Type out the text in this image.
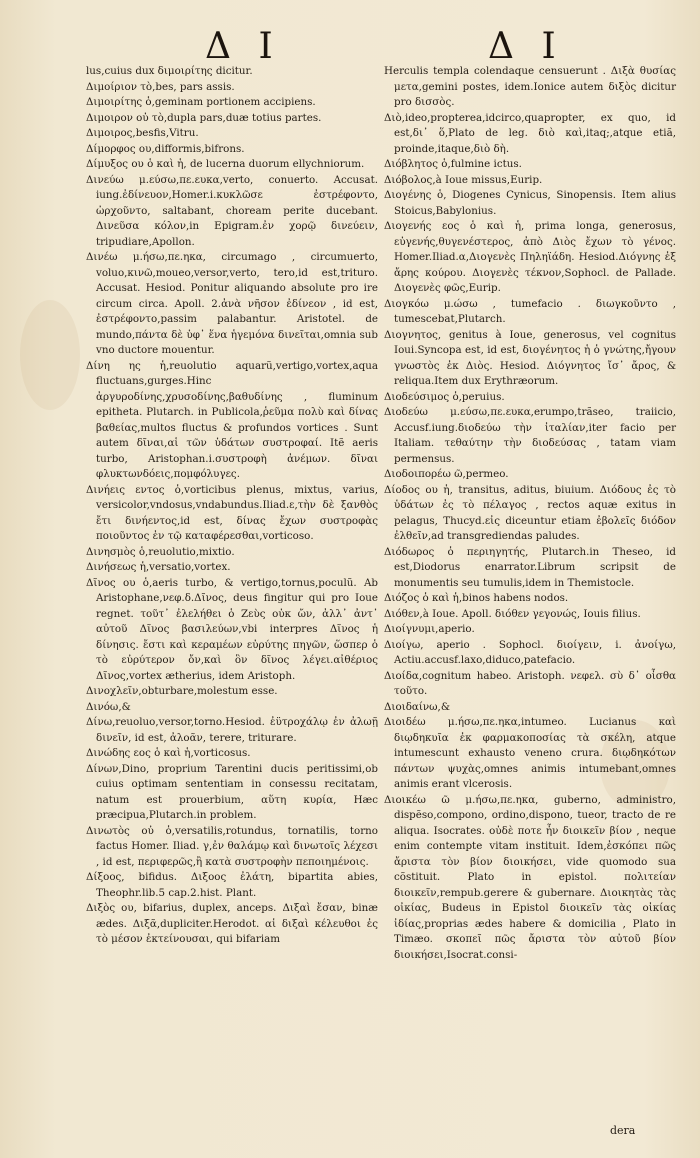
Δ Ι	Δ Ι

lus,cuius dux διμοιρίτης dicitur.

Διμοίριον τὸ,bes, pars assis.

Διμοιρίτης ὁ,geminam portionem accipiens.

Διμοιρον οὐ τὸ,dupla pars,duæ totius partes.

Διμοιρος,besfis,Vitru.

Δίμορφος ου,difformis,bifrons.

Δίμυξος ου ὁ καὶ ἡ, de lucerna duorum ellychniorum.

Δινεύω μ.εύσω,πε.ευκα,verto, conuerto. Accusat. iung.ἐδίνευον,Homer.i.κυκλῶσε ἐστρέφοντο, ὠρχοῦντο, saltabant, choream perite ducebant. Δινεῦσα κόλον,in Epigram.ἐν χορῷ δινεύειν, tripudiare,Apollon.

Δινέω μ.ήσω,πε.ηκα, circumago , circumuerto, voluo,κινῶ,moueo,versor,verto, tero,id est,triturο. Accusat. Hesiod. Ponitur aliquando absolute pro ire circum circa. Apoll. 2.ἀνὰ νῆσον ἐδίνεον , id est, ἐστρέφοντο,passim palabantur. Aristotel. de mundo,πάντα δὲ ὑφ᾽ ἕνα ἡγεμόνα δινεῖται,omnia sub vno ductore mouentur.

Δίνη ης ἡ,reuolutio aquarũ,vertigo,vortex,aqua fluctuans,gurges.Hinc ἀργυροδίνης,χρυσοδίνης,βαθυδίνης , fluminum epitheta. Plutarch. in Publicola,ῥεῦμα πολὺ καὶ δίνας βαθείας,multos fluctus & profundos vortices . Sunt autem δῖναι,αἱ τῶν ὑδάτων συστροφαί. Itẽ aeris turbo, Aristophan.i.συστροφὴ ἀνέμων. δῖναι φλυκτωνδόεις,πομφόλυγες.

Δινήεις εντος ὁ,vorticibus plenus, mixtus, varius, versicolor,vndosus,vndabundus.Iliad.ε,τὴν δὲ ξανθὸς ἔτι δινήεντος,id est, δίνας ἔχων συστροφὰς ποιοῦντος ἐν τῷ καταφέρεσθαι,vorticosο.

Δινησμὸς ὁ,reuolutio,mixtio.

Δινήσεως ἡ,versatio,vortex.

Δῖνος ου ὁ,aeris turbo, & vertigo,tornus,poculũ. Ab Aristophane,νεφ.δ.Δῖνος, deus fingitur qui pro Ioue regnet. τοῦτ᾽ ἐλελήθει ὁ Ζεὺς οὐκ ὤν, ἀλλ᾽ ἀντ᾽ αὐτοῦ Δῖνος βασιλεύων,vbi interpres Δῖνος ἡ δίνησις. ἔστι καὶ κεραμέων εὐρύτης πηγῶν, ὥσπερ ὁ τὸ εὐρύτερον ὄν,καὶ ὃν δῖνος λέγει.αἰθέριος Δῖνος,vortex ætherius, idem Aristoph.

Δινοχλεῖν,obturbare,molestum esse.

Δινόω,&

Δίνω,reuoluo,versor,torno.Hesiod. ἐϋτροχάλῳ ἐν ἀλωῇ δινεῖν, id est, ἀλοᾶν, terere, triturare.

Δινώδης εος ὁ καὶ ἡ,vorticosus.

Δίνων,Dino, proprium Tarentini ducis peritissimi,ob cuius optimam sententiam in consessu recitatam, natum est prouerbium, αὕτη κυρία, Hæc præcipua,Plutarch.in problem.

Δινωτὸς οὐ ὁ,versatilis,rotundus, tornatilis, torno factus Homer. Iliad. γ,ἐν θαλάμῳ καὶ δινωτοῖς λέχεσι , id est, περιφερῶς,ἢ κατὰ συστροφὴν πεποιημένοις.

Δίξοος, bifidus. Διξοος ἐλάτη, bipartita abies, Theophr.lib.5 cap.2.hist. Plant.

Διξὸς ου, bifarius, duplex, anceps. Διξαὶ ἔσαν, binæ ædes. Διξᾶ,dupliciter.Herodot. αἱ διξαὶ κέλευθοι ἐς τὸ μέσον ἐκτείνουσαι, qui bifariam

Herculis templa colendaque censuerunt . Διξὰ θυσίας μετα,gemini postes, idem.Ionice autem διξὸς dicitur pro δισσὸς.

Διὸ,ideo,propterea,idcirco,quapropter, ex quo, id est,δι᾽ ὅ,Plato de leg. διὸ καὶ,itaq;,atque etiã, proinde,itaque,διὸ δὴ.

Διόβλητος ὁ,fulmine ictus.

Διόβολος,à Ioue missus,Eurip.

Διογένης ὁ, Diogenes Cynicus, Sinopensis. Item alius Stoicus,Babylonius.

Διογενής εος ὁ καὶ ἡ, prima longa, generosus, εὐγενής,θυγενέστερος, ἀπὸ Διὸς ἔχων τὸ γένος. Homer.Iliad.α,Διογενὲς Πηληϊάδη. Hesiod.Διόγνης ἐξ ἄρης κούρου. Διογενὲς τέκνον,Sophocl. de Pallade. Διογενὲς φῶς,Eurip.

Διογκόω μ.ώσω , tumefacio . διωγκοῦντο , tumescebat,Plutarch.

Διογνητος, genitus à Ioue, generosus, vel cognitus Ioui.Syncopa est, id est, διογένητος ἡ ὁ γνώτης,ἤγουν γνωστὸς ἐκ Διὸς. Hesiod. Διόγνητος ἴσ᾽ ἄρος, & reliqua.Item dux Erythræorum.

Διοδεύσιμος ὁ,peruius.

Διοδεύω μ.εύσω,πε.ευκα,erumpo,trãseo, traiicio, Accusf.iung.διοδεύω τὴν ἰταλίαν,iter facio per Italiam. τεθαύτην τὴν διοδεύσας , tatam viam permensus.

Διοδοιπορέω ῶ,permeo.

Δίοδος ου ἡ, transitus, aditus, biuium. Διόδους ἐς τὸ ὑδάτων ἐς τὸ πέλαγος , rectos aquæ exitus in pelagus, Thucyd.εἰς diceuntur etiam ἐβολεῖς διόδον ἐλθεῖν,ad transgrediendas paludes.

Διόδωρος ὁ περιηγητής, Plutarch.in Theseo, id est,Diodorus enarrator.Librum scripsit de monumentis seu tumulis,idem in Themistocle.

Διόζος ὁ καὶ ἡ,binos habens nodos.

Διόθεν,à Ioue. Apoll. διόθεν γεγονώς, Iouis filius.

Διοίγνυμι,aperio.

Διοίγω, aperio . Sophocl. διοίγειν, i. ἀνοίγω, Actiu.accusf.laxo,diduco,patefacio.

Διοίδα,cognitum habeo. Aristoph. νεφελ. σὺ δ᾽ οἶσθα τοῦτο.

Διοιδαίνω,&

Διοιδέω μ.ήσω,πε.ηκα,intumeo. Lucianus καὶ διῳδηκυῖα ἐκ φαρμακοποσίας τὰ σκέλη, atque intumescunt exhausto veneno crura. διῳδηκότων πάντων ψυχὰς,omnes animis intumebant,omnes animis erant vlcerosis.

Διοικέω ῶ μ.ήσω,πε.ηκα, guberno, administro, dispẽso,compono, ordino,dispono, tueor, tracto de re aliqua. Isocrates. οὐδὲ ποτε ἦν διοικεῖν βίον , neque enim contempte vitam instituit. Idem,ἐσκόπει πῶς ἄριστα τὸν βίον διοικήσει, vide quomodo sua cõstituit. Plato in epistol. πολιτείαν διοικεῖν,rempub.gerere & gubernare. Διοικητὰς τὰς οἰκίας, Budeus in Epistol διοικεῖν τὰς οἰκίας ἰδίας,proprias ædes habere & domicilia , Plato in Timæo. σκοπεῖ πῶς ἄριστα τὸν αὐτοῦ βίον διοικήσει,Isocrat.consi-

dera
